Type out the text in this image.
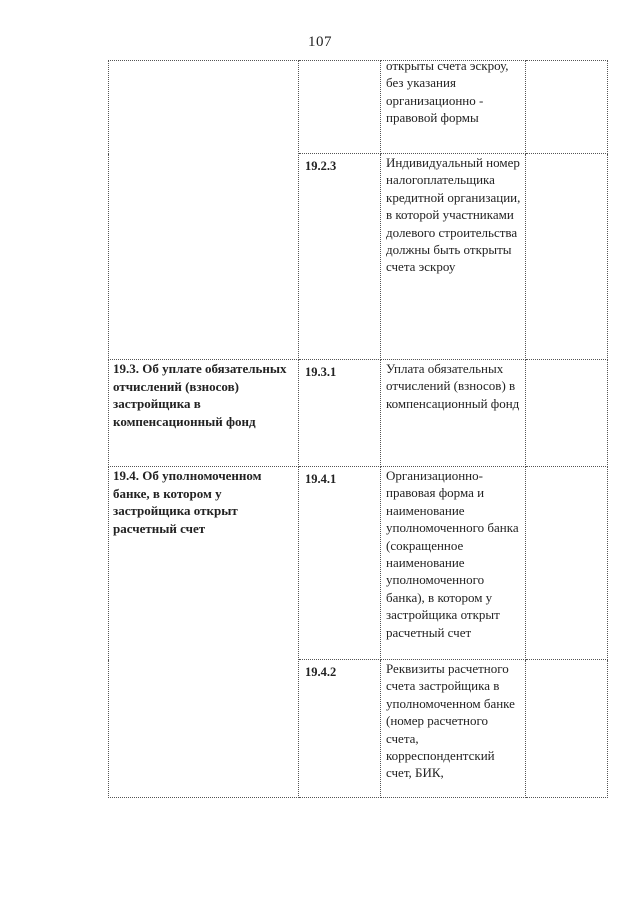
107

		открыты счета эскроу, без указания организационно - правовой формы	

	19.2.3	Индивидуальный номер налогоплательщика кредитной организации, в которой участниками долевого строительства должны быть открыты счета эскроу	

19.3. Об уплате обязательных отчислений (взносов) застройщика в компенсационный фонд	19.3.1	Уплата обязательных отчислений (взносов) в компенсационный фонд	

19.4. Об уполномоченном банке, в котором у застройщика открыт расчетный счет	19.4.1	Организационно-правовая форма и наименование уполномоченного банка (сокращенное наименование уполномоченного банка), в котором у застройщика открыт расчетный счет	

	19.4.2	Реквизиты расчетного счета застройщика в уполномоченном банке (номер расчетного счета, корреспондентский счет, БИК,	
